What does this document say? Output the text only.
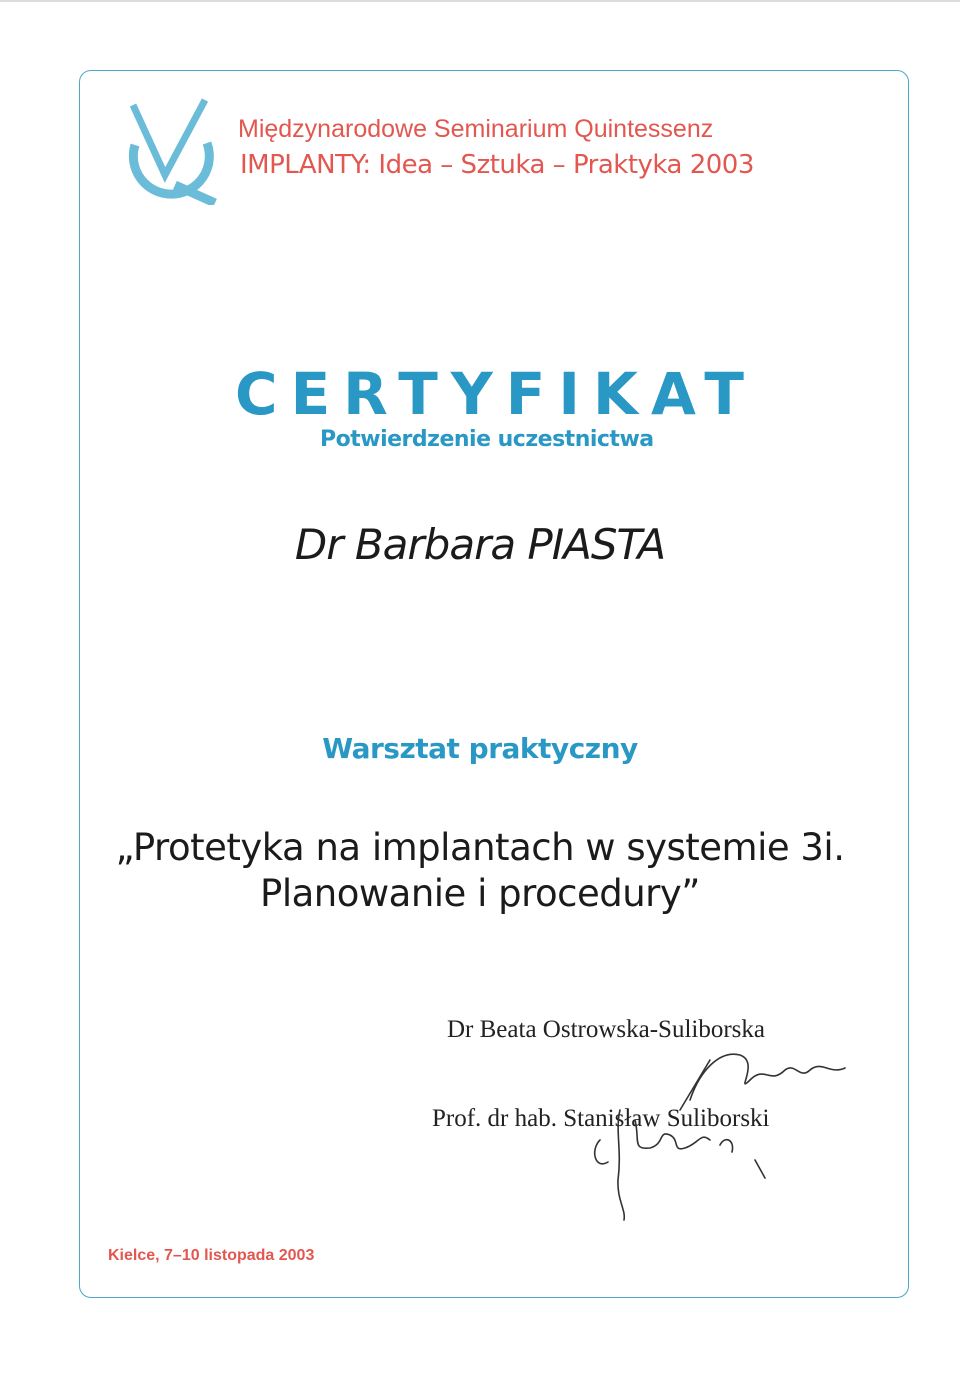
Międzynarodowe Seminarium Quintessenz
IMPLANTY: Idea – Sztuka – Praktyka 2003
CERTYFIKAT
Potwierdzenie uczestnictwa
Dr Barbara PIASTA
Warsztat praktyczny
„Protetyka na implantach w systemie 3i.
Planowanie i procedury”
Dr Beata Ostrowska-Suliborska
Prof. dr hab. Stanisław Suliborski
Kielce, 7–10 listopada 2003
